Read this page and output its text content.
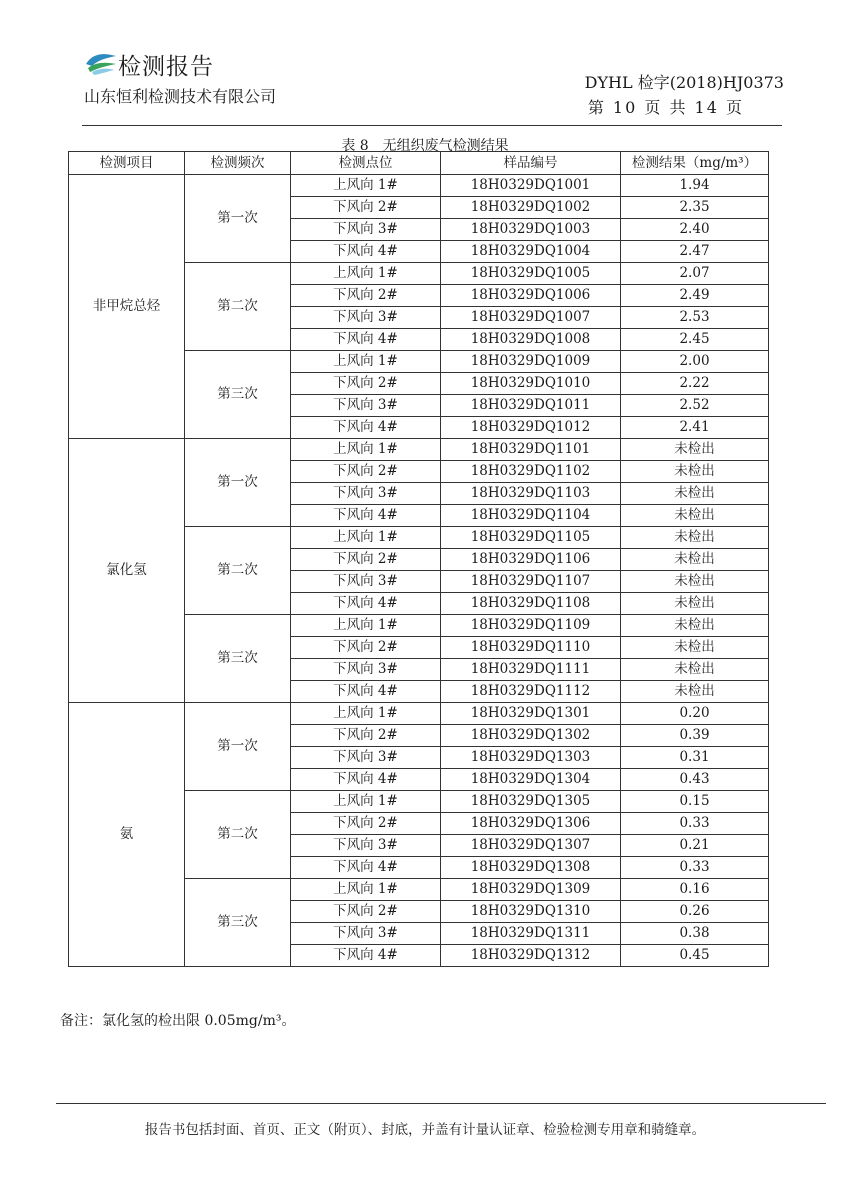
检测报告
山东恒利检测技术有限公司
DYHL 检字(2018)HJ0373
第 10 页 共 14 页
表 8　无组织废气检测结果
检测项目	检测频次	检测点位	样品编号	检测结果（mg/m³）
非甲烷总烃	第一次	上风向 1#	18H0329DQ1001	1.94
		下风向 2#	18H0329DQ1002	2.35
		下风向 3#	18H0329DQ1003	2.40
		下风向 4#	18H0329DQ1004	2.47
	第二次	上风向 1#	18H0329DQ1005	2.07
		下风向 2#	18H0329DQ1006	2.49
		下风向 3#	18H0329DQ1007	2.53
		下风向 4#	18H0329DQ1008	2.45
	第三次	上风向 1#	18H0329DQ1009	2.00
		下风向 2#	18H0329DQ1010	2.22
		下风向 3#	18H0329DQ1011	2.52
		下风向 4#	18H0329DQ1012	2.41
氯化氢	第一次	上风向 1#	18H0329DQ1101	未检出
		下风向 2#	18H0329DQ1102	未检出
		下风向 3#	18H0329DQ1103	未检出
		下风向 4#	18H0329DQ1104	未检出
	第二次	上风向 1#	18H0329DQ1105	未检出
		下风向 2#	18H0329DQ1106	未检出
		下风向 3#	18H0329DQ1107	未检出
		下风向 4#	18H0329DQ1108	未检出
	第三次	上风向 1#	18H0329DQ1109	未检出
		下风向 2#	18H0329DQ1110	未检出
		下风向 3#	18H0329DQ1111	未检出
		下风向 4#	18H0329DQ1112	未检出
氨	第一次	上风向 1#	18H0329DQ1301	0.20
		下风向 2#	18H0329DQ1302	0.39
		下风向 3#	18H0329DQ1303	0.31
		下风向 4#	18H0329DQ1304	0.43
	第二次	上风向 1#	18H0329DQ1305	0.15
		下风向 2#	18H0329DQ1306	0.33
		下风向 3#	18H0329DQ1307	0.21
		下风向 4#	18H0329DQ1308	0.33
	第三次	上风向 1#	18H0329DQ1309	0.16
		下风向 2#	18H0329DQ1310	0.26
		下风向 3#	18H0329DQ1311	0.38
		下风向 4#	18H0329DQ1312	0.45
备注：氯化氢的检出限 0.05mg/m³。
报告书包括封面、首页、正文（附页）、封底，并盖有计量认证章、检验检测专用章和骑缝章。
